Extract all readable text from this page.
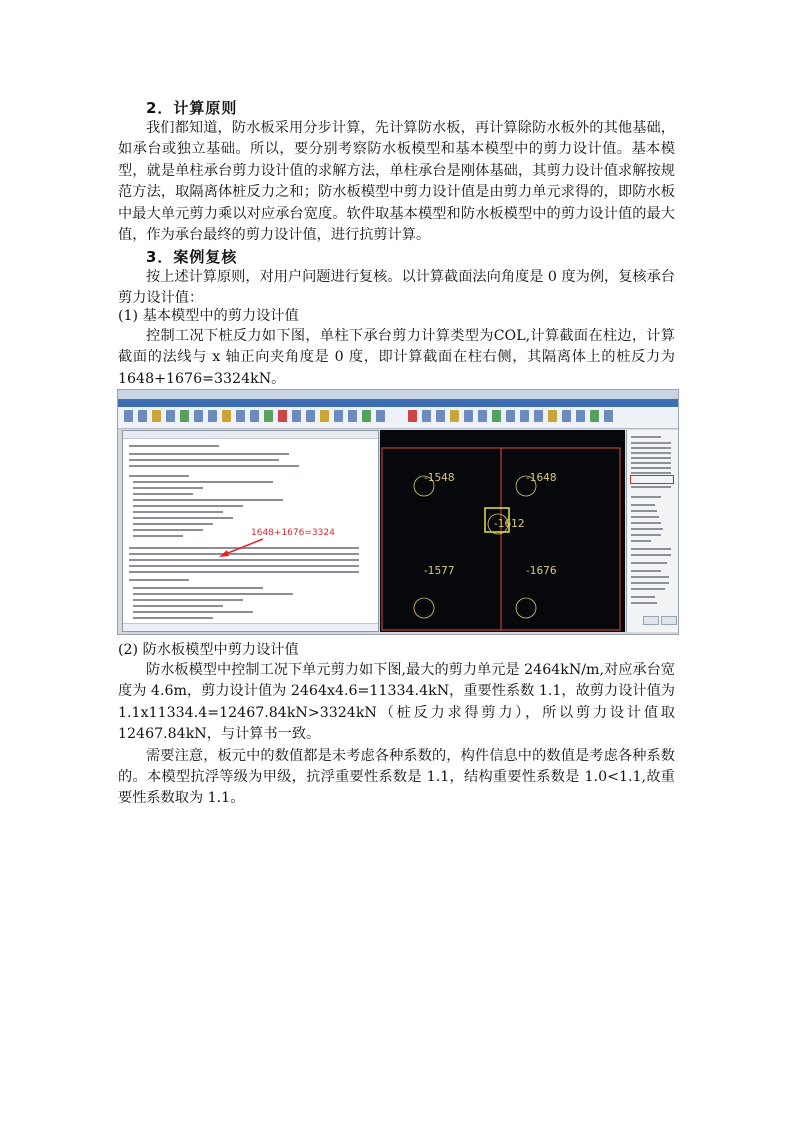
2．计算原则

我们都知道，防水板采用分步计算，先计算防水板，再计算除防水板外的其他基础，如承台或独立基础。所以，要分别考察防水板模型和基本模型中的剪力设计值。基本模型，就是单柱承台剪力设计值的求解方法，单柱承台是刚体基础，其剪力设计值求解按规范方法，取隔离体桩反力之和；防水板模型中剪力设计值是由剪力单元求得的，即防水板中最大单元剪力乘以对应承台宽度。软件取基本模型和防水板模型中的剪力设计值的最大值，作为承台最终的剪力设计值，进行抗剪计算。

3．案例复核

按上述计算原则，对用户问题进行复核。以计算截面法向角度是 0 度为例，复核承台剪力设计值：

(1) 基本模型中的剪力设计值

控制工况下桩反力如下图，单柱下承台剪力计算类型为COL,计算截面在柱边，计算截面的法线与 x 轴正向夹角度是 0 度，即计算截面在柱右侧，其隔离体上的桩反力为 1648+1676=3324kN。

1648+1676=3324
-1548	-1648
-1612
-1577	-1676
(2) 防水板模型中剪力设计值

防水板模型中控制工况下单元剪力如下图,最大的剪力单元是 2464kN/m,对应承台宽度为 4.6m，剪力设计值为 2464x4.6=11334.4kN，重要性系数 1.1，故剪力设计值为 1.1x11334.4=12467.84kN>3324kN（桩反力求得剪力），所以剪力设计值取 12467.84kN，与计算书一致。

需要注意，板元中的数值都是未考虑各种系数的，构件信息中的数值是考虑各种系数的。本模型抗浮等级为甲级，抗浮重要性系数是 1.1，结构重要性系数是 1.0<1.1,故重要性系数取为 1.1。
